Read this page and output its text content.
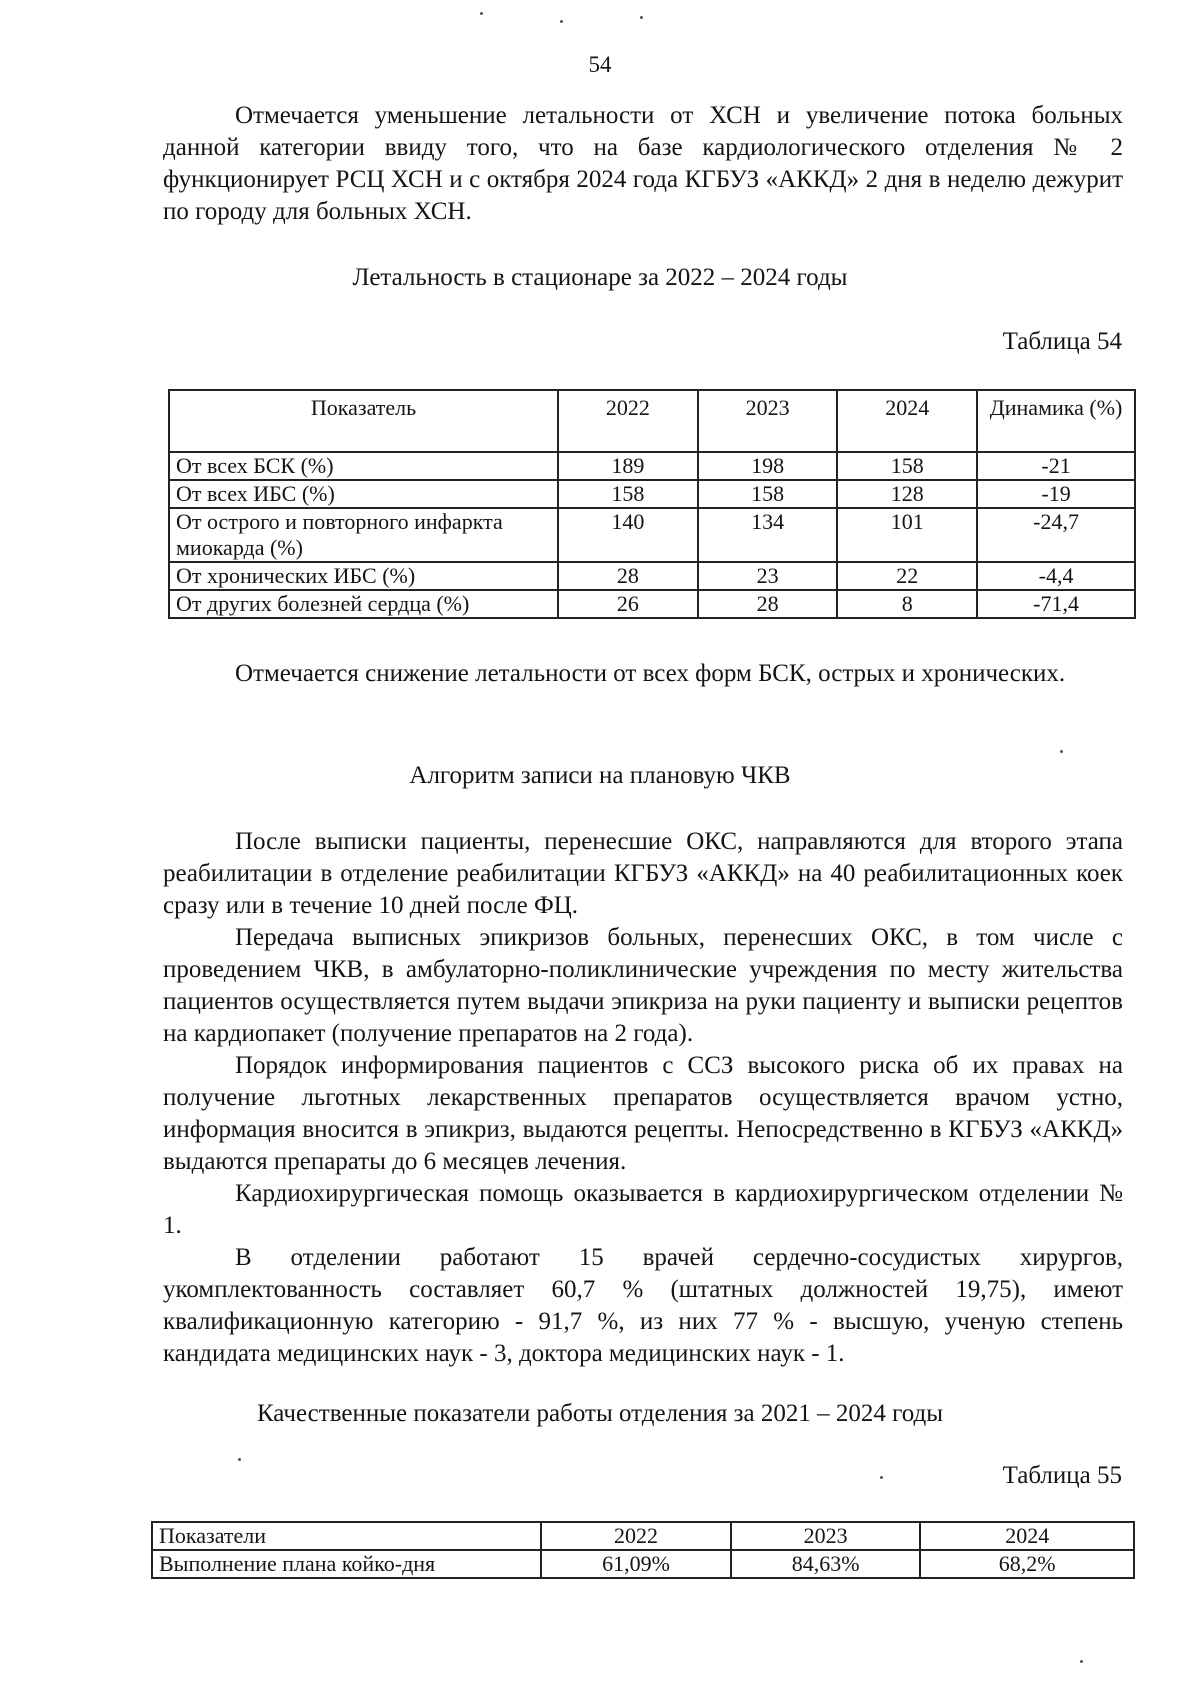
54

Отмечается уменьшение летальности от ХСН и увеличение потока больных данной категории ввиду того, что на базе кардиологического отделения № 2 функционирует РСЦ ХСН и с октября 2024 года КГБУЗ «АККД» 2 дня в неделю дежурит по городу для больных ХСН.

Летальность в стационаре за 2022 – 2024 годы
Таблица 54
Показатель	2022	2023	2024	Динамика (%)
От всех БСК (%)	189	198	158	-21
От всех ИБС (%)	158	158	128	-19
От острого и повторного инфаркта миокарда (%)	140	134	101	-24,7
От хронических ИБС (%)	28	23	22	-4,4
От других болезней сердца (%)	26	28	8	-71,4

Отмечается снижение летальности от всех форм БСК, острых и хронических.

Алгоритм записи на плановую ЧКВ

После выписки пациенты, перенесшие ОКС, направляются для второго этапа реабилитации в отделение реабилитации КГБУЗ «АККД» на 40 реабилитационных коек сразу или в течение 10 дней после ФЦ.

Передача выписных эпикризов больных, перенесших ОКС, в том числе с проведением ЧКВ, в амбулаторно-поликлинические учреждения по месту жительства пациентов осуществляется путем выдачи эпикриза на руки пациенту и выписки рецептов на кардиопакет (получение препаратов на 2 года).

Порядок информирования пациентов с ССЗ высокого риска об их правах на получение льготных лекарственных препаратов осуществляется врачом устно, информация вносится в эпикриз, выдаются рецепты. Непосредственно в КГБУЗ «АККД» выдаются препараты до 6 месяцев лечения.

Кардиохирургическая помощь оказывается в кардиохирургическом отделении № 1.

В отделении работают 15 врачей сердечно-сосудистых хирургов, укомплектованность составляет 60,7 % (штатных должностей 19,75), имеют квалификационную категорию - 91,7 %, из них 77 % - высшую, ученую степень кандидата медицинских наук - 3, доктора медицинских наук - 1.

Качественные показатели работы отделения за 2021 – 2024 годы
Таблица 55
Показатели	2022	2023	2024
Выполнение плана койко-дня	61,09%	84,63%	68,2%
